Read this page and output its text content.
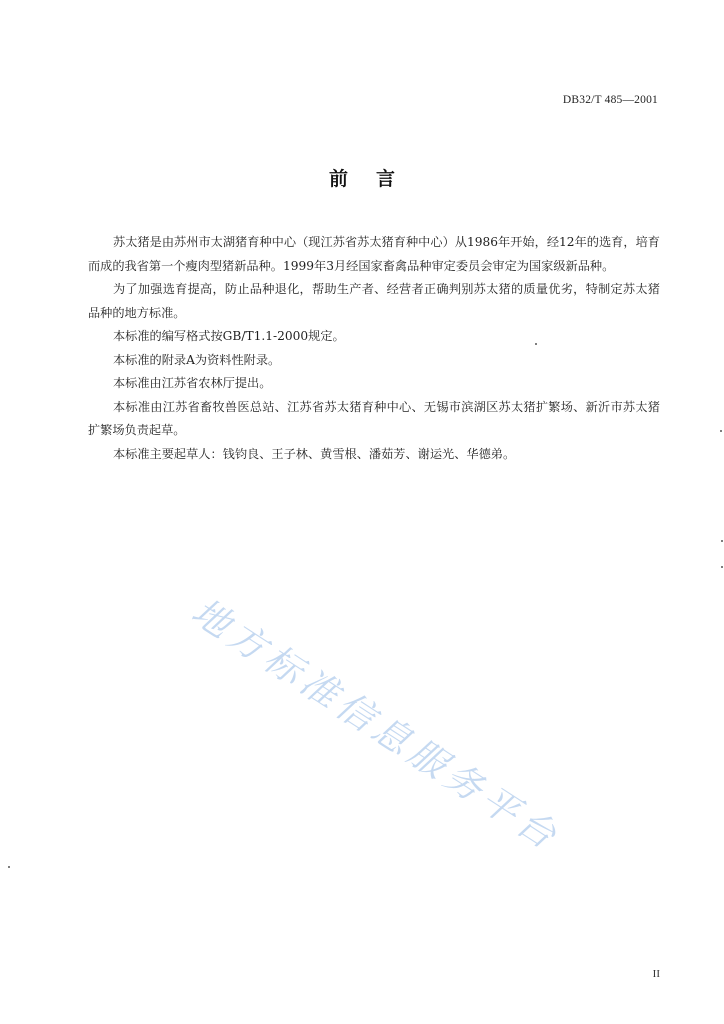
DB32/T 485—2001
前言

苏太猪是由苏州市太湖猪育种中心（现江苏省苏太猪育种中心）从1986年开始，经12年的选育，培育而成的我省第一个瘦肉型猪新品种。1999年3月经国家畜禽品种审定委员会审定为国家级新品种。

为了加强选育提高，防止品种退化，帮助生产者、经营者正确判别苏太猪的质量优劣，特制定苏太猪品种的地方标准。

本标准的编写格式按GB/T1.1-2000规定。

本标准的附录A为资料性附录。

本标准由江苏省农林厅提出。

本标准由江苏省畜牧兽医总站、江苏省苏太猪育种中心、无锡市滨湖区苏太猪扩繁场、新沂市苏太猪扩繁场负责起草。

本标准主要起草人：钱钧良、王子林、黄雪根、潘茹芳、谢运光、华德弟。

地方标准信息服务平台
II
